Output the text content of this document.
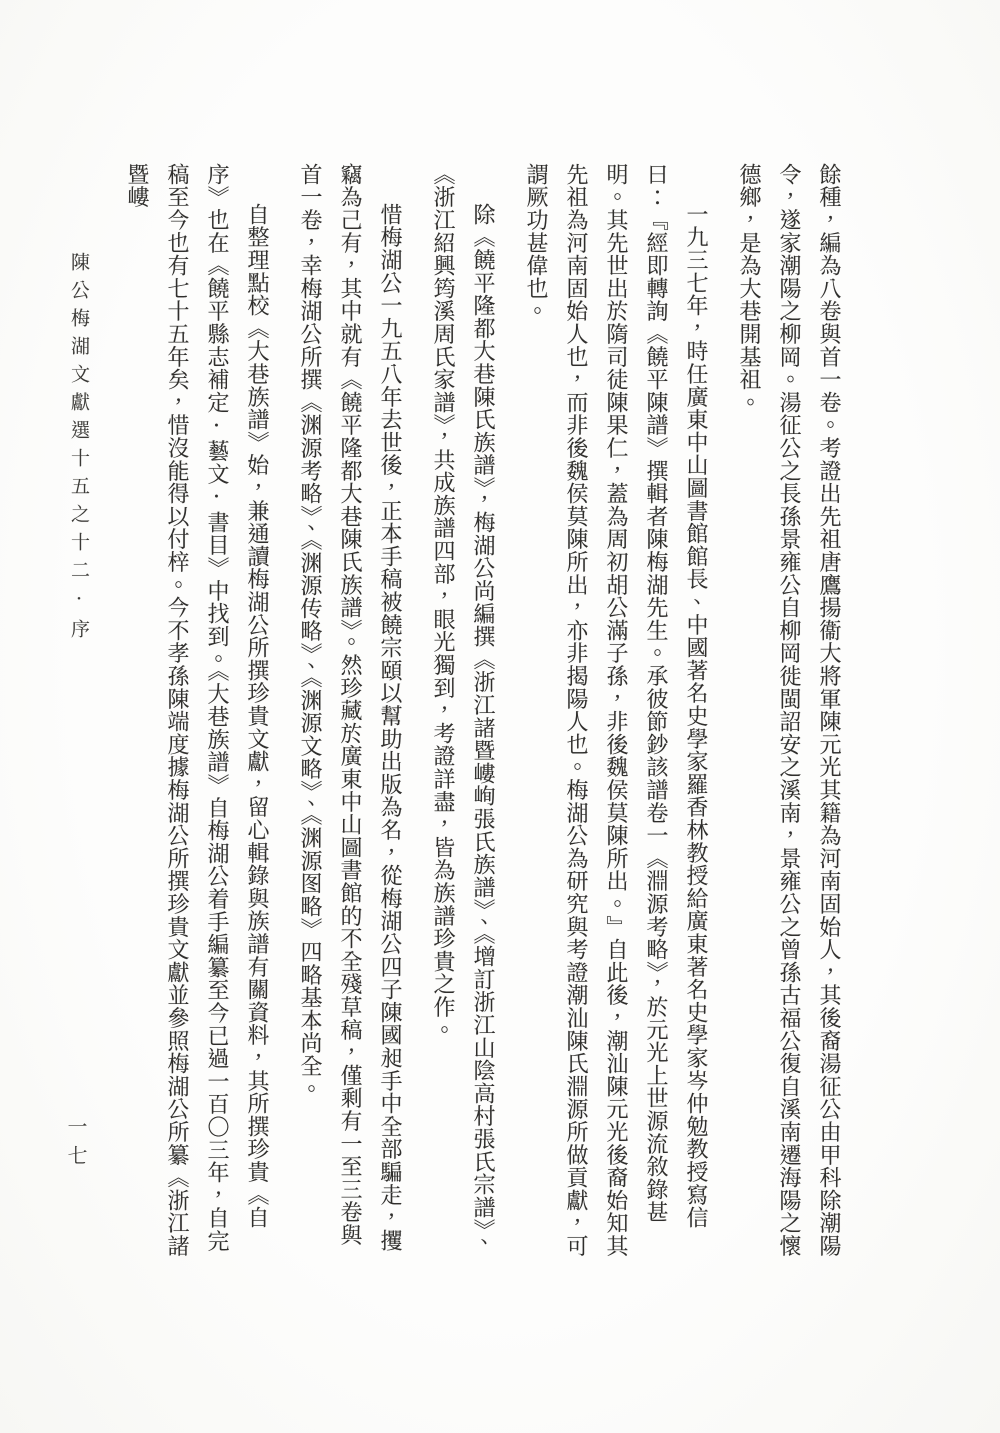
餘種，編為八卷與首一卷。考證出先祖唐鷹揚衞大將軍陳元光其籍為河南固始人，其後裔湯征公由甲科除潮陽令，遂家潮陽之柳岡。湯征公之長孫景雍公自柳岡徙閩詔安之溪南，景雍公之曾孫古福公復自溪南遷海陽之懷德鄉，是為大巷開基祖。

一九三七年，時任廣東中山圖書館館長、中國著名史學家羅香林教授給廣東著名史學家岑仲勉教授寫信曰：『經即轉詢《饒平陳譜》撰輯者陳梅湖先生。承彼節鈔該譜卷一《淵源考略》，於元光上世源流敘錄甚明。其先世出於隋司徒陳果仁，蓋為周初胡公滿子孫，非後魏侯莫陳所出。』自此後，潮汕陳元光後裔始知其先祖為河南固始人也，而非後魏侯莫陳所出，亦非揭陽人也。梅湖公為研究與考證潮汕陳氏淵源所做貢獻，可謂厥功甚偉也。

除《饒平隆都大巷陳氏族譜》，梅湖公尚編撰《浙江諸暨嶁峋張氏族譜》、《增訂浙江山陰高村張氏宗譜》、《浙江紹興筠溪周氏家譜》，共成族譜四部，眼光獨到，考證詳盡，皆為族譜珍貴之作。

惜梅湖公一九五八年去世後，正本手稿被饒宗頤以幫助出版為名，從梅湖公四子陳國昶手中全部騙走，攫竊為己有，其中就有《饒平隆都大巷陳氏族譜》。然珍藏於廣東中山圖書館的不全殘草稿，僅剩有一至三卷與首一卷，幸梅湖公所撰《渊源考略》、《渊源传略》、《渊源文略》、《渊源图略》四略基本尚全。

自整理點校《大巷族譜》始，兼通讀梅湖公所撰珍貴文獻，留心輯錄與族譜有關資料，其所撰珍貴《自序》也在《饒平縣志補定·藝文·書目》中找到。《大巷族譜》自梅湖公着手編纂至今已過一百〇三年，自完稿至今也有七十五年矣，惜沒能得以付梓。今不孝孫陳端度據梅湖公所撰珍貴文獻並參照梅湖公所纂《浙江諸暨嶁

陳公梅湖文獻選十五之十二·序
一七
